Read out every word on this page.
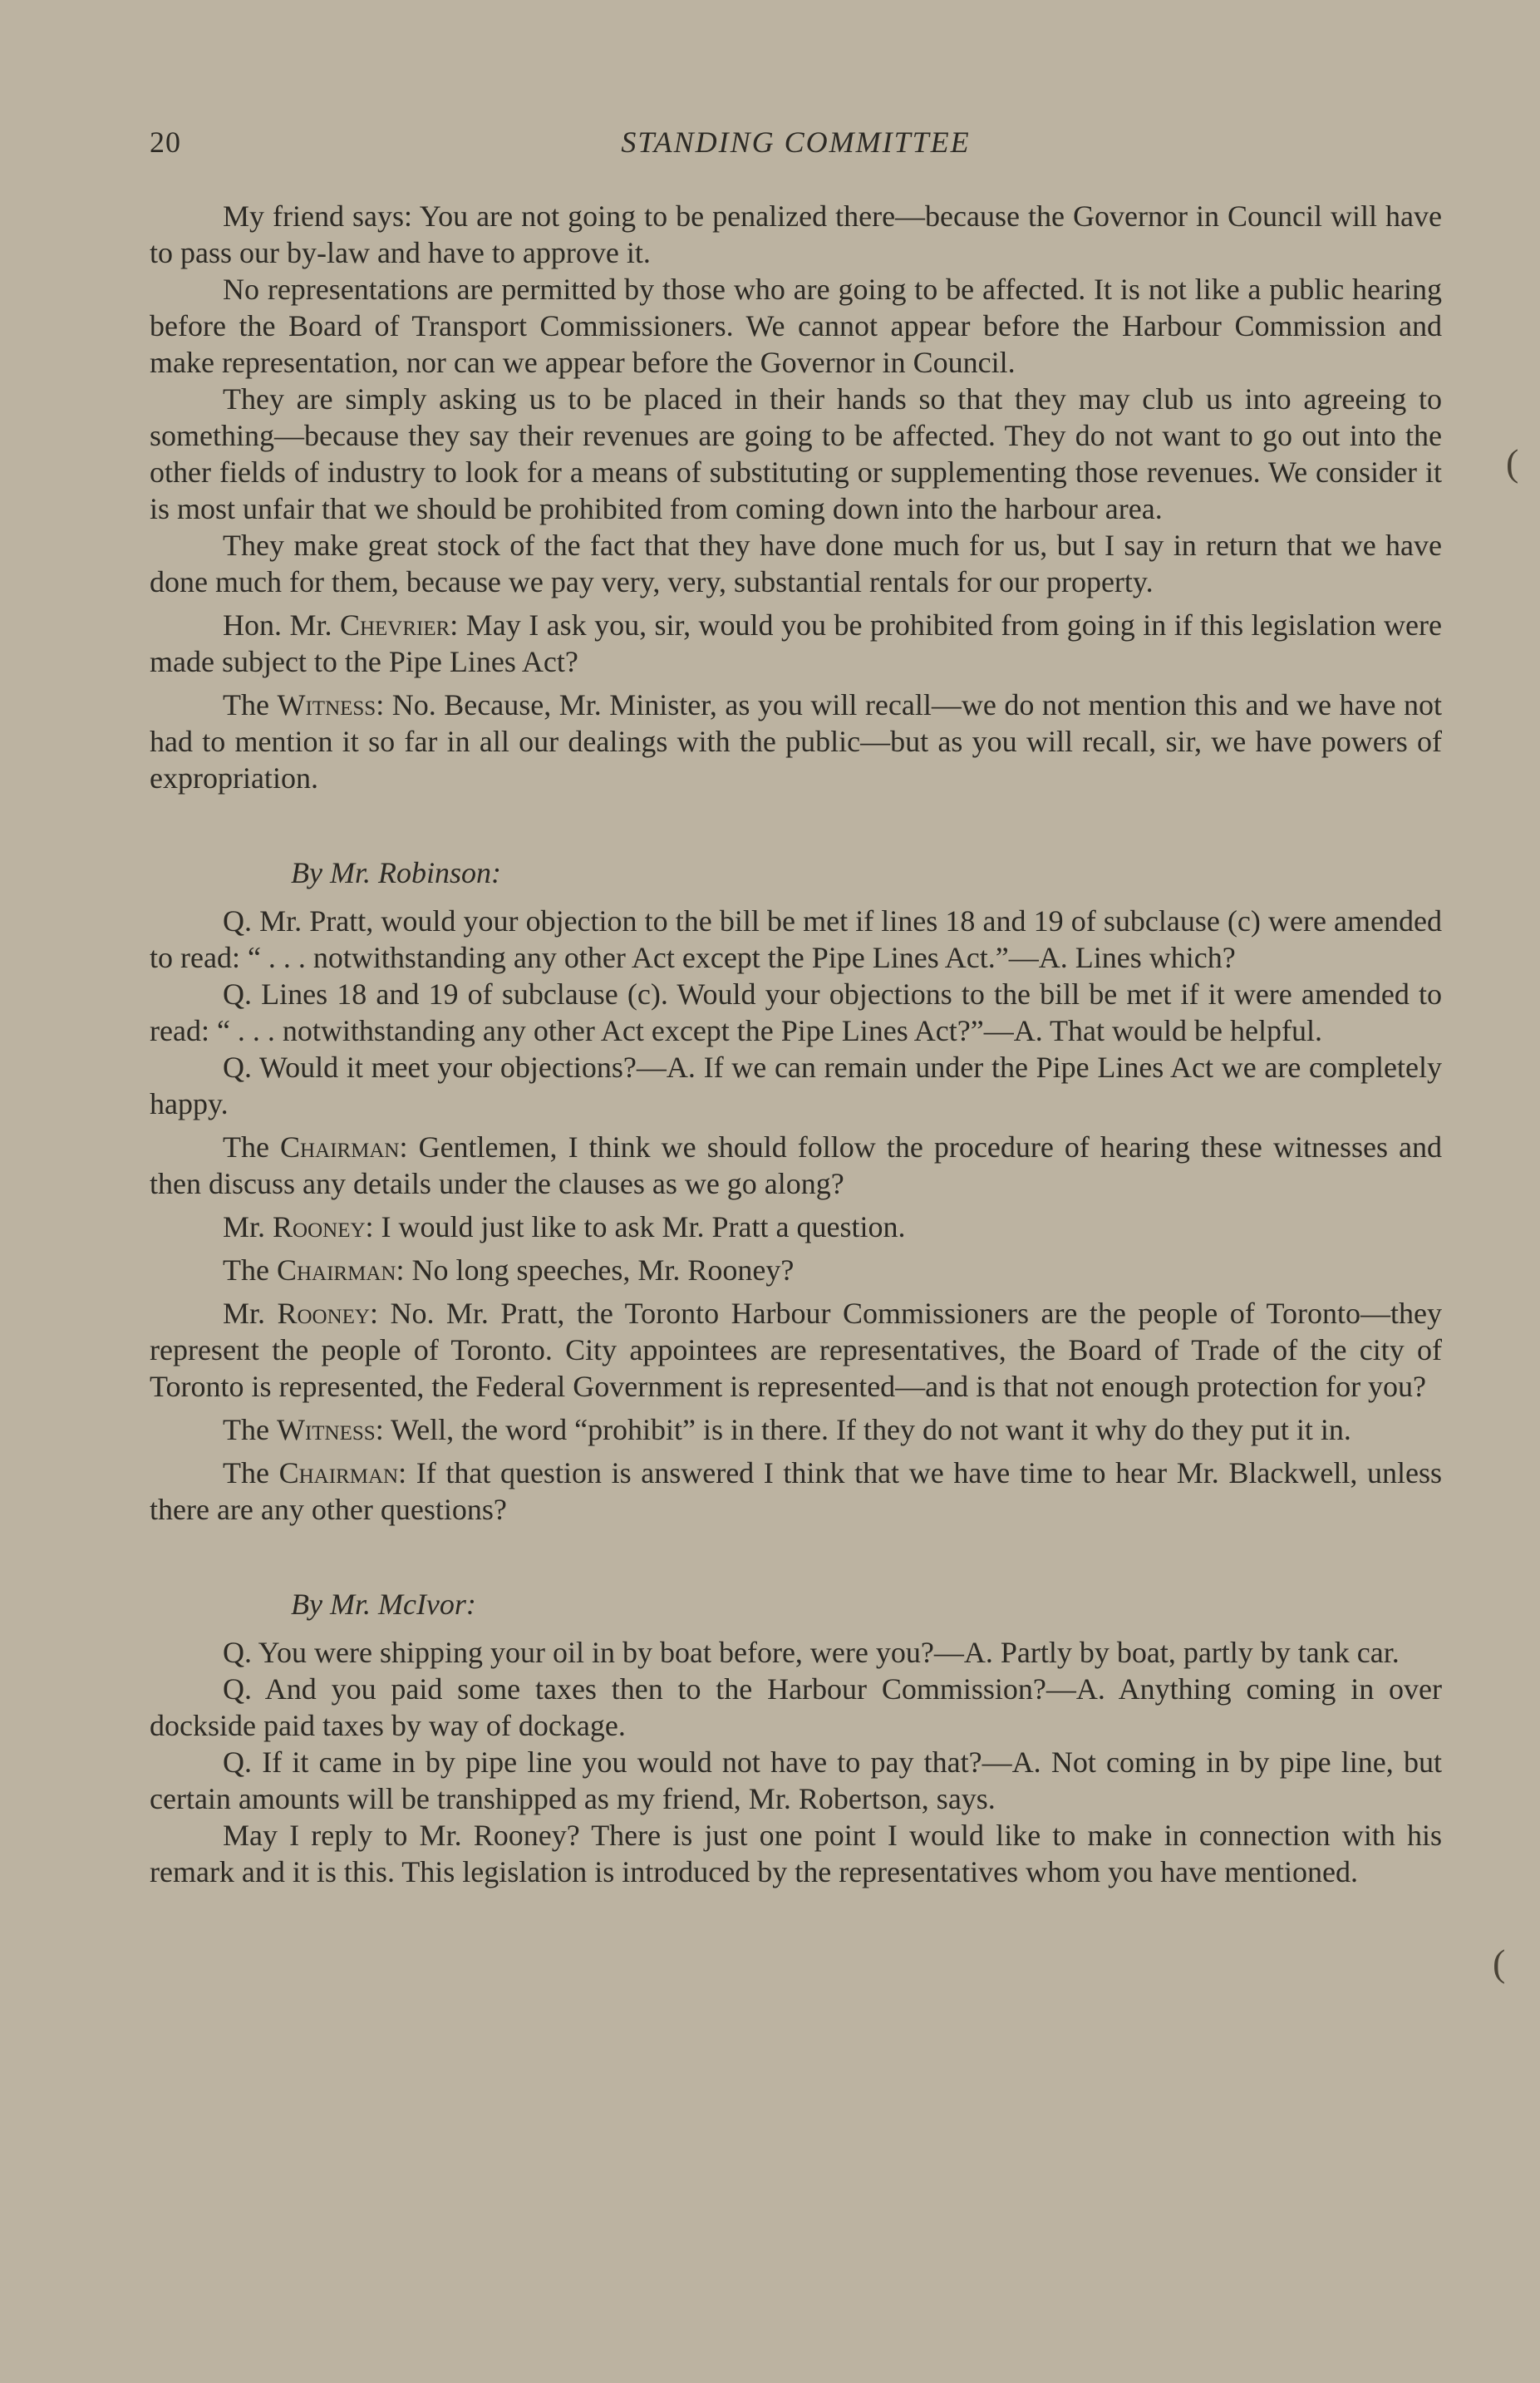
20	STANDING COMMITTEE
(
(

My friend says: You are not going to be penalized there—because the Governor in Council will have to pass our by-law and have to approve it.

No representations are permitted by those who are going to be affected. It is not like a public hearing before the Board of Transport Commissioners. We cannot appear before the Harbour Commission and make representation, nor can we appear before the Governor in Council.

They are simply asking us to be placed in their hands so that they may club us into agreeing to something—because they say their revenues are going to be affected. They do not want to go out into the other fields of industry to look for a means of substituting or supplementing those revenues. We consider it is most unfair that we should be prohibited from coming down into the harbour area.

They make great stock of the fact that they have done much for us, but I say in return that we have done much for them, because we pay very, very, substantial rentals for our property.

Hon. Mr. Chevrier: May I ask you, sir, would you be prohibited from going in if this legislation were made subject to the Pipe Lines Act?

The Witness: No. Because, Mr. Minister, as you will recall—we do not mention this and we have not had to mention it so far in all our dealings with the public—but as you will recall, sir, we have powers of expropriation.

By Mr. Robinson:

Q. Mr. Pratt, would your objection to the bill be met if lines 18 and 19 of subclause (c) were amended to read: “ . . . notwithstanding any other Act except the Pipe Lines Act.”—A. Lines which?

Q. Lines 18 and 19 of subclause (c). Would your objections to the bill be met if it were amended to read: “ . . . notwithstanding any other Act except the Pipe Lines Act?”—A. That would be helpful.

Q. Would it meet your objections?—A. If we can remain under the Pipe Lines Act we are completely happy.

The Chairman: Gentlemen, I think we should follow the procedure of hearing these witnesses and then discuss any details under the clauses as we go along?

Mr. Rooney: I would just like to ask Mr. Pratt a question.

The Chairman: No long speeches, Mr. Rooney?

Mr. Rooney: No. Mr. Pratt, the Toronto Harbour Commissioners are the people of Toronto—they represent the people of Toronto. City appointees are representatives, the Board of Trade of the city of Toronto is represented, the Federal Government is represented—and is that not enough protection for you?

The Witness: Well, the word “prohibit” is in there. If they do not want it why do they put it in.

The Chairman: If that question is answered I think that we have time to hear Mr. Blackwell, unless there are any other questions?

By Mr. McIvor:

Q. You were shipping your oil in by boat before, were you?—A. Partly by boat, partly by tank car.

Q. And you paid some taxes then to the Harbour Commission?—A. Anything coming in over dockside paid taxes by way of dockage.

Q. If it came in by pipe line you would not have to pay that?—A. Not coming in by pipe line, but certain amounts will be transhipped as my friend, Mr. Robertson, says.

May I reply to Mr. Rooney? There is just one point I would like to make in connection with his remark and it is this. This legislation is introduced by the representatives whom you have mentioned.
